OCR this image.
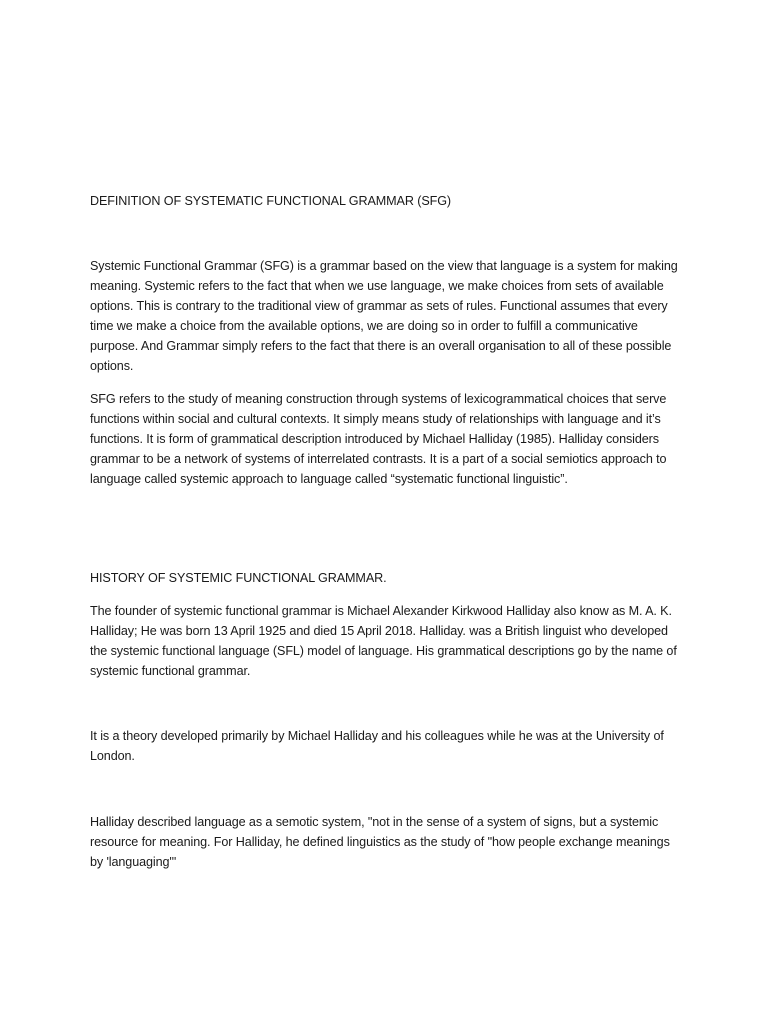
DEFINITION OF SYSTEMATIC FUNCTIONAL GRAMMAR (SFG)

Systemic Functional Grammar (SFG) is a grammar based on the view that language is a system for making meaning. Systemic refers to the fact that when we use language, we make choices from sets of available options. This is contrary to the traditional view of grammar as sets of rules. Functional assumes that every time we make a choice from the available options, we are doing so in order to fulfill a communicative purpose. And Grammar simply refers to the fact that there is an overall organisation to all of these possible options.

SFG refers to the study of meaning construction through systems of lexicogrammatical choices that serve functions within social and cultural contexts. It simply means study of relationships with language and it’s functions. It is form of grammatical description introduced by Michael Halliday (1985). Halliday considers grammar to be a network of systems of interrelated contrasts. It is a part of a social semiotics approach to language called systemic approach to language called “systematic functional linguistic”.

HISTORY OF SYSTEMIC FUNCTIONAL GRAMMAR.

The founder of systemic functional grammar is Michael Alexander Kirkwood Halliday also know as M. A. K. Halliday; He was born 13 April 1925 and died 15 April 2018. Halliday. was a British linguist who developed the systemic functional language (SFL) model of language. His grammatical descriptions go by the name of systemic functional grammar.

It is a theory developed primarily by Michael Halliday and his colleagues while he was at the University of London.

Halliday described language as a semotic system, "not in the sense of a system of signs, but a systemic resource for meaning. For Halliday, he defined linguistics as the study of "how people exchange meanings by 'languaging'"
